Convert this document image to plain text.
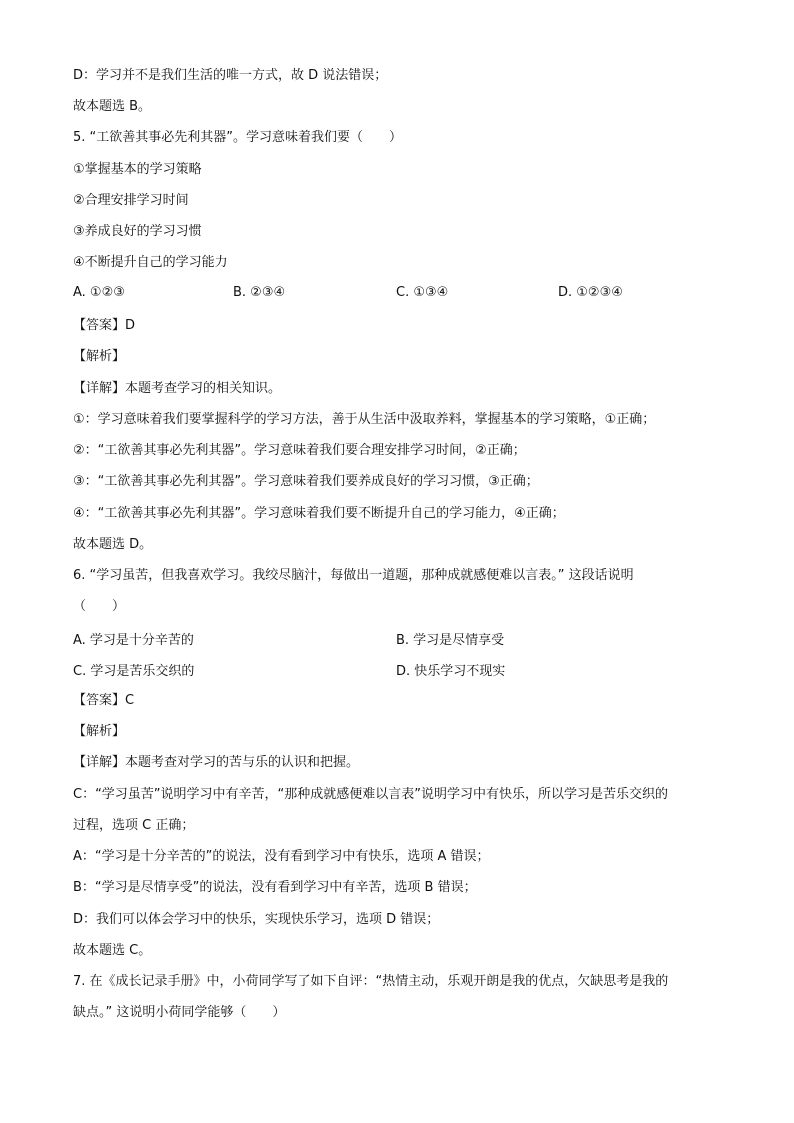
D：学习并不是我们生活的唯一方式，故 D 说法错误；
故本题选 B。
5. “工欲善其事必先利其器”。学习意味着我们要（　　）
①掌握基本的学习策略
②合理安排学习时间
③养成良好的学习习惯
④不断提升自己的学习能力
A. ①②③	B. ②③④	C. ①③④	D. ①②③④
【答案】D
【解析】
【详解】本题考查学习的相关知识。
①：学习意味着我们要掌握科学的学习方法，善于从生活中汲取养料，掌握基本的学习策略，①正确；
②：“工欲善其事必先利其器”。学习意味着我们要合理安排学习时间，②正确；
③：“工欲善其事必先利其器”。学习意味着我们要养成良好的学习习惯，③正确；
④：“工欲善其事必先利其器”。学习意味着我们要不断提升自己的学习能力，④正确；
故本题选 D。
6. “学习虽苦，但我喜欢学习。我绞尽脑汁，每做出一道题，那种成就感便难以言表。” 这段话说明
（　　）
A. 学习是十分辛苦的	B. 学习是尽情享受
C. 学习是苦乐交织的	D. 快乐学习不现实
【答案】C
【解析】
【详解】本题考查对学习的苦与乐的认识和把握。
C：“学习虽苦”说明学习中有辛苦，“那种成就感便难以言表”说明学习中有快乐，所以学习是苦乐交织的
过程，选项 C 正确；
A：“学习是十分辛苦的”的说法，没有看到学习中有快乐，选项 A 错误；
B：“学习是尽情享受”的说法，没有看到学习中有辛苦，选项 B 错误；
D：我们可以体会学习中的快乐，实现快乐学习，选项 D 错误；
故本题选 C。
7. 在《成长记录手册》中，小荷同学写了如下自评：“热情主动，乐观开朗是我的优点，欠缺思考是我的
缺点。” 这说明小荷同学能够（　　）
